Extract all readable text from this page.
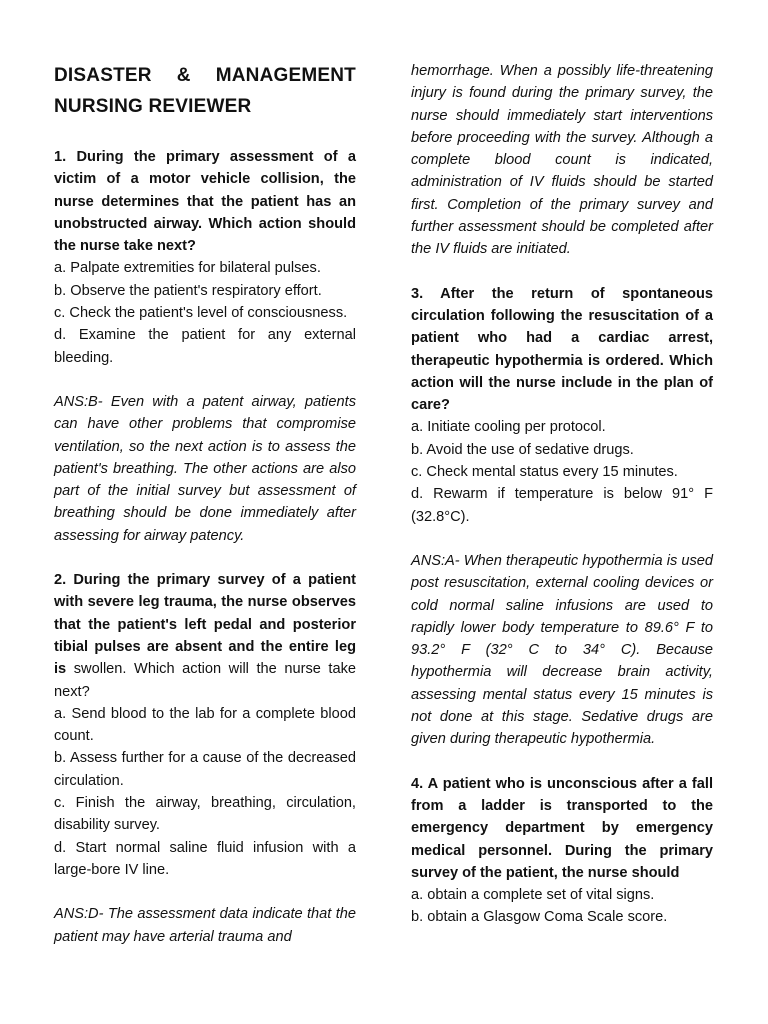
DISASTER & MANAGEMENT NURSING REVIEWER

1. During the primary assessment of a victim of a motor vehicle collision, the nurse determines that the patient has an unobstructed airway. Which action should the nurse take next?

a. Palpate extremities for bilateral pulses.

b. Observe the patient's respiratory effort.

c. Check the patient's level of consciousness.

d. Examine the patient for any external bleeding.

ANS:B- Even with a patent airway, patients can have other problems that compromise ventilation, so the next action is to assess the patient's breathing. The other actions are also part of the initial survey but assessment of breathing should be done immediately after assessing for airway patency.

2. During the primary survey of a patient with severe leg trauma, the nurse observes that the patient's left pedal and posterior tibial pulses are absent and the entire leg is swollen. Which action will the nurse take next?

a. Send blood to the lab for a complete blood count.

b. Assess further for a cause of the decreased circulation.

c. Finish the airway, breathing, circulation, disability survey.

d. Start normal saline fluid infusion with a large-bore IV line.

ANS:D- The assessment data indicate that the patient may have arterial trauma and

hemorrhage. When a possibly life-threatening injury is found during the primary survey, the nurse should immediately start interventions before proceeding with the survey. Although a complete blood count is indicated, administration of IV fluids should be started first. Completion of the primary survey and further assessment should be completed after the IV fluids are initiated.

3. After the return of spontaneous circulation following the resuscitation of a patient who had a cardiac arrest, therapeutic hypothermia is ordered. Which action will the nurse include in the plan of care?

a. Initiate cooling per protocol.

b. Avoid the use of sedative drugs.

c. Check mental status every 15 minutes.

d. Rewarm if temperature is below 91° F (32.8°C).

ANS:A- When therapeutic hypothermia is used post resuscitation, external cooling devices or cold normal saline infusions are used to rapidly lower body temperature to 89.6° F to 93.2° F (32° C to 34° C). Because hypothermia will decrease brain activity, assessing mental status every 15 minutes is not done at this stage. Sedative drugs are given during therapeutic hypothermia.

4. A patient who is unconscious after a fall from a ladder is transported to the emergency department by emergency medical personnel. During the primary survey of the patient, the nurse should

a. obtain a complete set of vital signs.

b. obtain a Glasgow Coma Scale score.
